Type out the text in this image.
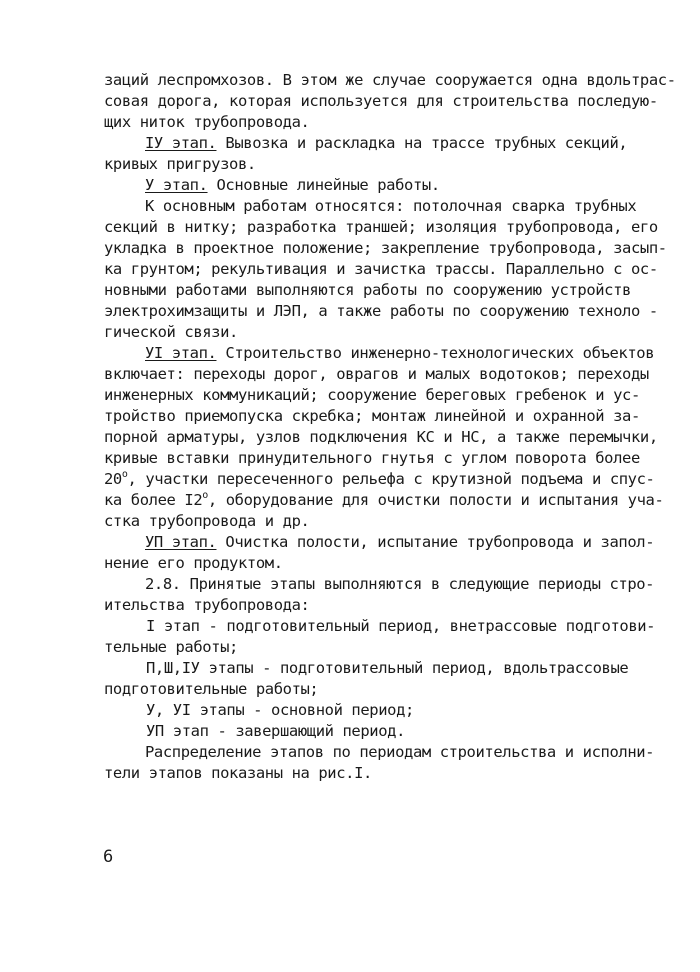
заций леспромхозов. В этом же случае сооружается одна вдольтрас-
совая дорога, которая используется для строительства последую-
щих ниток трубопровода.
IУ этап. Вывозка и раскладка на трассе трубных секций,
кривых пригрузов.
У этап. Основные линейные работы.
К основным работам относятся: потолочная сварка трубных
секций в нитку; разработка траншей; изоляция трубопровода, его
укладка в проектное положение; закрепление трубопровода, засып-
ка грунтом; рекультивация и зачистка трассы. Параллельно с ос-
новными работами выполняются работы по сооружению устройств
электрохимзащиты и ЛЭП, а также работы по сооружению техноло -
гической связи.
УI этап. Строительство инженерно-технологических объектов
включает: переходы дорог, оврагов и малых водотоков; переходы
инженерных коммуникаций; сооружение береговых гребенок и ус-
тройство приемопуска скребка; монтаж линейной и охранной за-
порной арматуры, узлов подключения КС и НС, а также перемычки,
кривые вставки принудительного гнутья с углом поворота более
$20^о$, участки пересеченного рельефа с крутизной подъема и спус-
ка более $I2^о$, оборудование для очистки полости и испытания уча-
стка трубопровода и др.
УП этап. Очистка полости, испытание трубопровода и запол-
нение его продуктом.
2.8. Принятые этапы выполняются в следующие периоды стро-
ительства трубопровода:
I этап - подготовительный период, внетрассовые подготови-
тельные работы;
П,Ш,IУ этапы - подготовительный период, вдольтрассовые
подготовительные работы;
У, УI этапы - основной период;
УП этап - завершающий период.
Распределение этапов по периодам строительства и исполни-
тели этапов показаны на рис.I.
6
